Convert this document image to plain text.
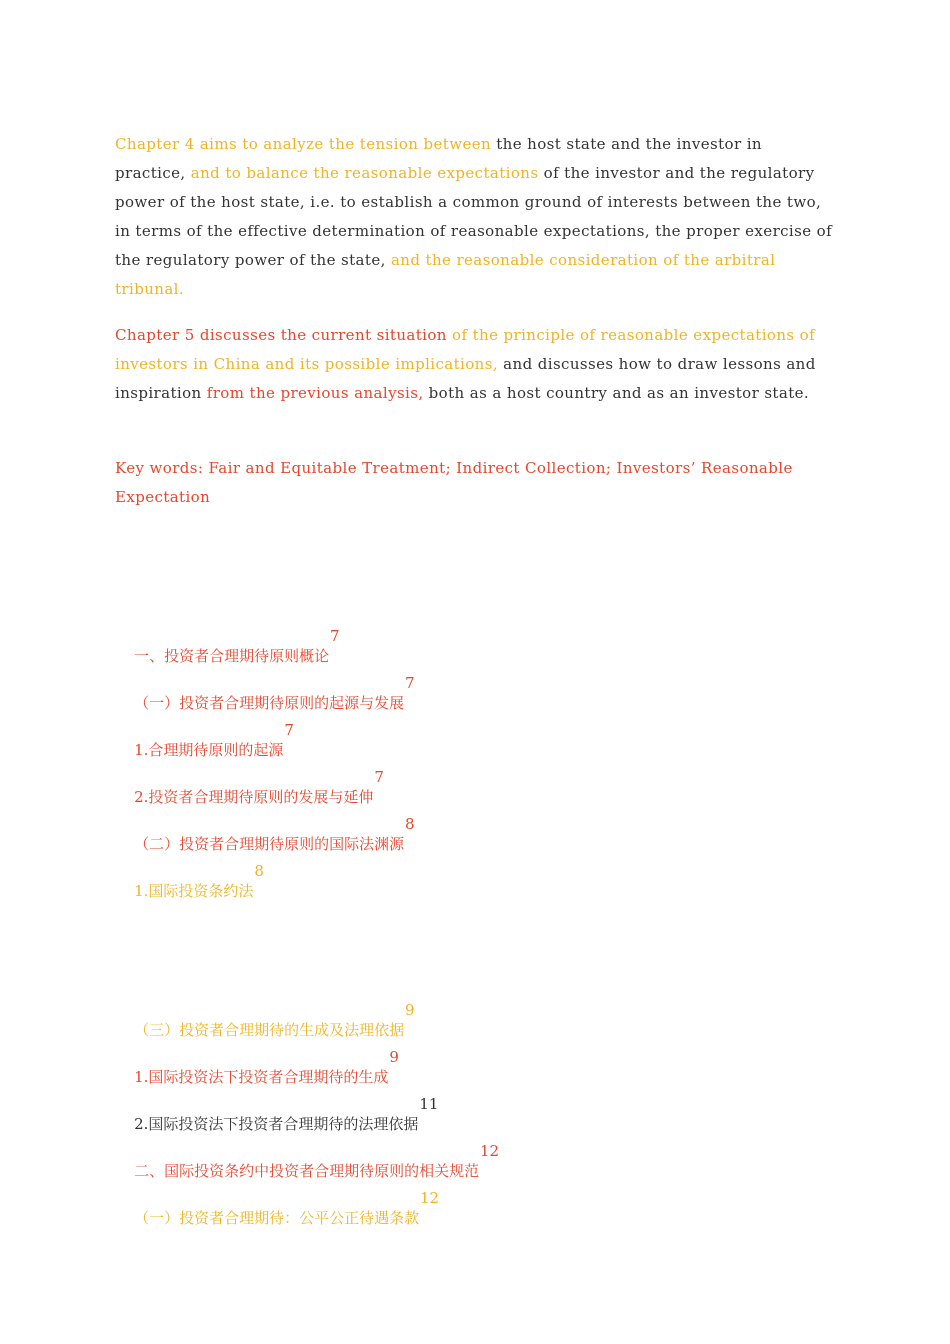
Chapter 4 aims to analyze the tension between the host state and the investor in practice, and to balance the reasonable expectations of the investor and the regulatory power of the host state, i.e. to establish a common ground of interests between the two, in terms of the effective determination of reasonable expectations, the proper exercise of the regulatory power of the state, and the reasonable consideration of the arbitral tribunal.

Chapter 5 discusses the current situation of the principle of reasonable expectations of investors in China and its possible implications, and discusses how to draw lessons and inspiration from the previous analysis, both as a host country and as an investor state.

Key words: Fair and Equitable Treatment; Indirect Collection; Investors’ Reasonable Expectation

一、投资者合理期待原则概论

7

（一）投资者合理期待原则的起源与发展

7

1.合理期待原则的起源

7

2.投资者合理期待原则的发展与延伸

7

（二）投资者合理期待原则的国际法渊源

8

1.国际投资条约法

8

（三）投资者合理期待的生成及法理依据

9

1.国际投资法下投资者合理期待的生成

9

2.国际投资法下投资者合理期待的法理依据

11

二、国际投资条约中投资者合理期待原则的相关规范

12

（一）投资者合理期待：公平公正待遇条款

12
